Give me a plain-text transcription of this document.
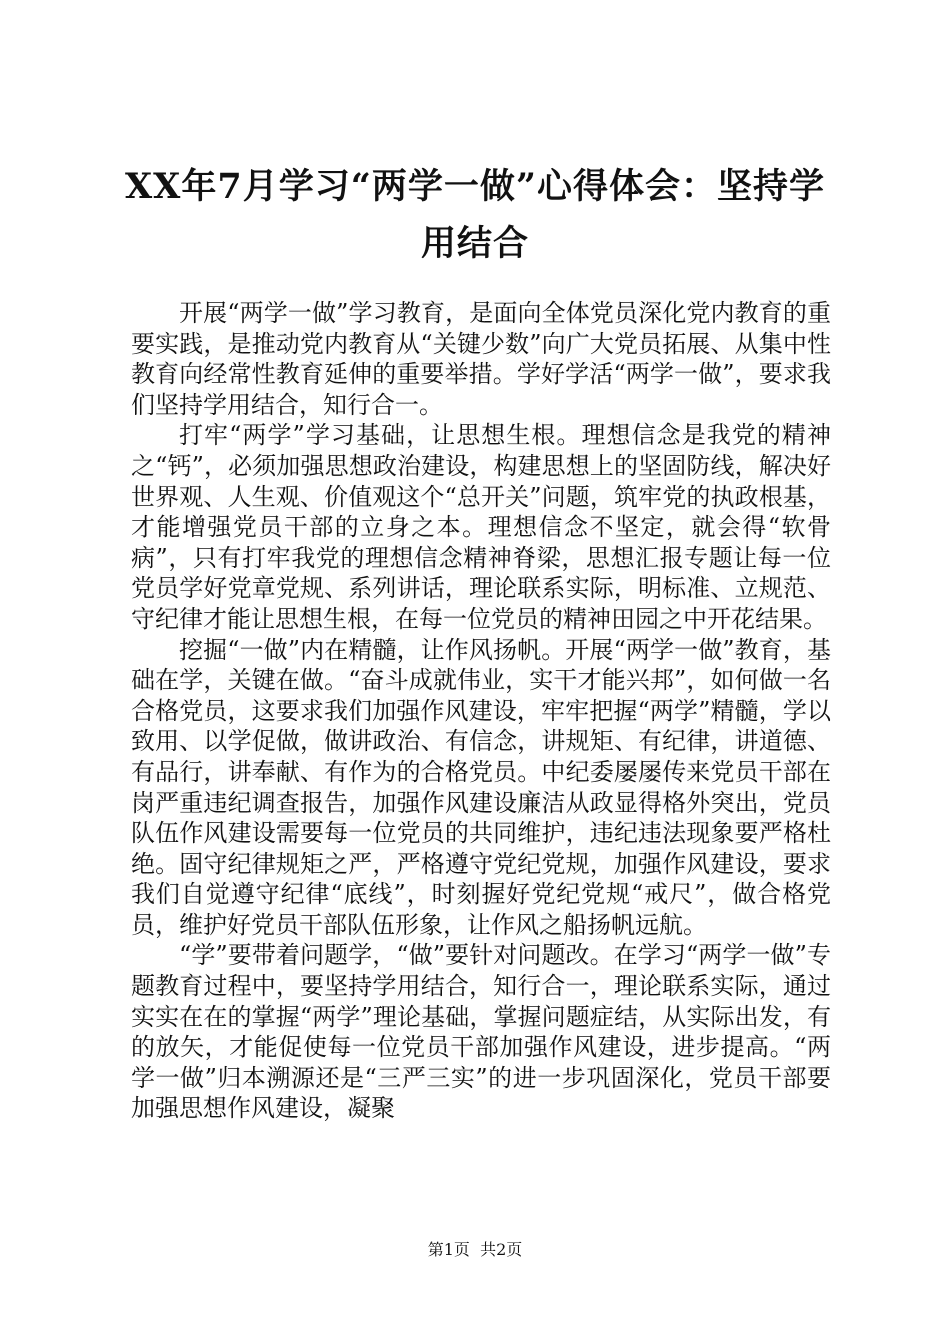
XX年7月学习“两学一做”心得体会：坚持学用结合

开展“两学一做”学习教育，是面向全体党员深化党内教育的重要实践，是推动党内教育从“关键少数”向广大党员拓展、从集中性教育向经常性教育延伸的重要举措。学好学活“两学一做”，要求我们坚持学用结合，知行合一。

打牢“两学”学习基础，让思想生根。理想信念是我党的精神之“钙”，必须加强思想政治建设，构建思想上的坚固防线，解决好世界观、人生观、价值观这个“总开关”问题，筑牢党的执政根基，才能增强党员干部的立身之本。理想信念不坚定，就会得“软骨病”，只有打牢我党的理想信念精神脊梁，思想汇报专题让每一位党员学好党章党规、系列讲话，理论联系实际，明标准、立规范、守纪律才能让思想生根，在每一位党员的精神田园之中开花结果。

挖掘“一做”内在精髓，让作风扬帆。开展“两学一做”教育，基础在学，关键在做。“奋斗成就伟业，实干才能兴邦”，如何做一名合格党员，这要求我们加强作风建设，牢牢把握“两学”精髓，学以致用、以学促做，做讲政治、有信念，讲规矩、有纪律，讲道德、有品行，讲奉献、有作为的合格党员。中纪委屡屡传来党员干部在岗严重违纪调查报告，加强作风建设廉洁从政显得格外突出，党员队伍作风建设需要每一位党员的共同维护，违纪违法现象要严格杜绝。固守纪律规矩之严，严格遵守党纪党规，加强作风建设，要求我们自觉遵守纪律“底线”，时刻握好党纪党规“戒尺”，做合格党员，维护好党员干部队伍形象，让作风之船扬帆远航。

“学”要带着问题学，“做”要针对问题改。在学习“两学一做”专题教育过程中，要坚持学用结合，知行合一，理论联系实际，通过实实在在的掌握“两学”理论基础，掌握问题症结，从实际出发，有的放矢，才能促使每一位党员干部加强作风建设，进步提高。“两学一做”归本溯源还是“三严三实”的进一步巩固深化，党员干部要加强思想作风建设，凝聚

第1页 共2页
